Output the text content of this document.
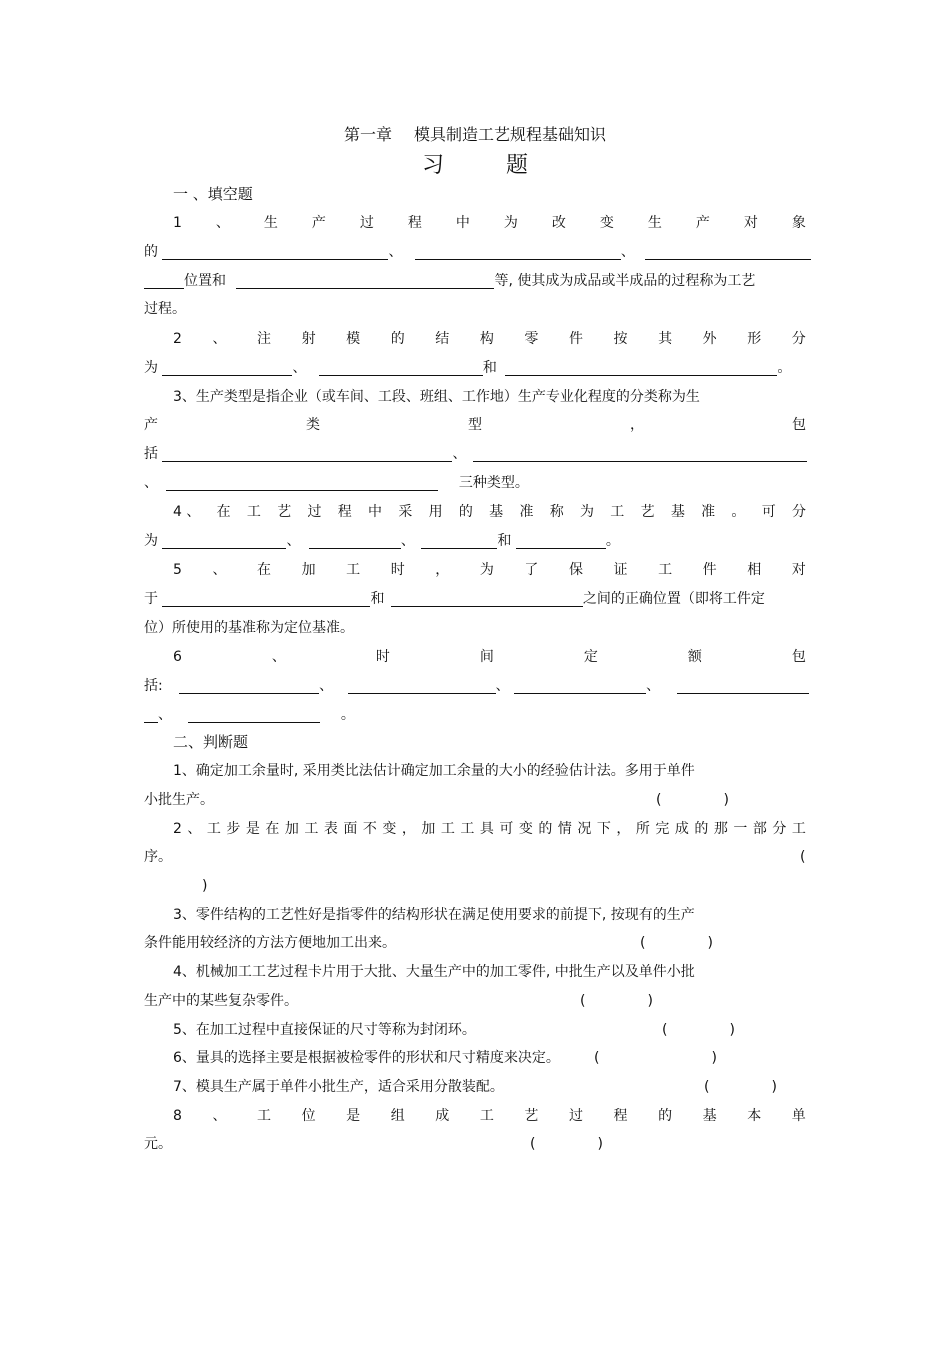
第一章 模具制造工艺规程基础知识
习	题
一 、填空题
1 、 生 产 过 程 中 为 改 变 生 产 对 象
的	、	、
位置和	等, 使其成为成品或半成品的过程称为工艺
过程。
2 、 注 射 模 的 结 构 零 件 按 其 外 形 分
为	、	和	。
3、生产类型是指企业（或车间、工段、班组、工作地）生产专业化程度的分类称为生
产	类	型	，	包
括	、
、	三种类型。
4 、 在 工 艺 过 程 中 采 用 的 基 准 称 为 工 艺 基 准 。 可 分
为	、	、	和	。
5 、 在 加 工 时 ， 为 了 保 证 工 件 相 对
于	和	之间的正确位置（即将工件定
位）所使用的基准称为定位基准。
6	、	时	间	定	额	包
括:	、	、	、
、	。
二、判断题
1、确定加工余量时, 采用类比法估计确定加工余量的大小的经验估计法。多用于单件
小批生产。	(	)
2 、 工 步 是 在 加 工 表 面 不 变 ， 加 工 工 具 可 变 的 情 况 下 ， 所 完 成 的 那 一 部 分 工
序。	(
)
3、零件结构的工艺性好是指零件的结构形状在满足使用要求的前提下, 按现有的生产
条件能用较经济的方法方便地加工出来。	(	)
4、机械加工工艺过程卡片用于大批、大量生产中的加工零件, 中批生产以及单件小批
生产中的某些复杂零件。	(	)
5、在加工过程中直接保证的尺寸等称为封闭环。	(	)
6、量具的选择主要是根据被检零件的形状和尺寸精度来决定。 (	)
7、模具生产属于单件小批生产，适合采用分散装配。	(	)
8 、 工 位 是 组 成 工 艺 过 程 的 基 本 单
元。	(	)
